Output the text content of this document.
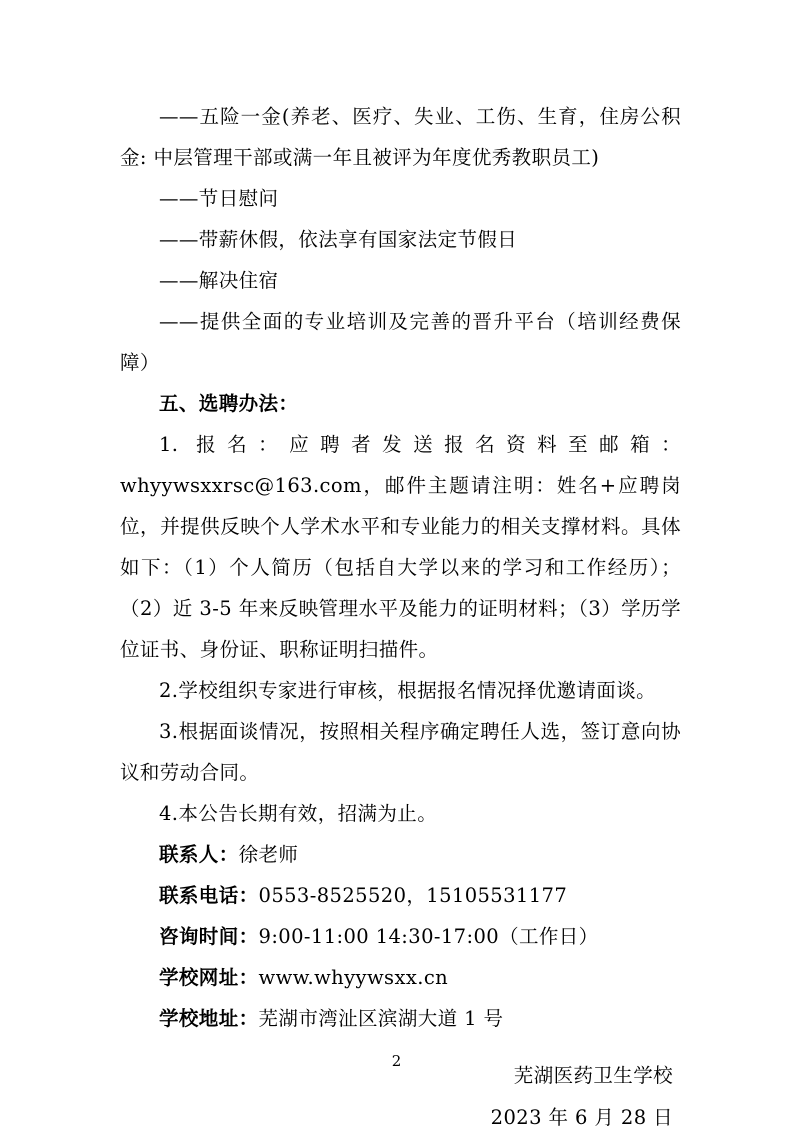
——五险一金(养老、医疗、失业、工伤、生育，住房公积金: 中层管理干部或满一年且被评为年度优秀教职员工)

——节日慰问

——带薪休假，依法享有国家法定节假日

——解决住宿

——提供全面的专业培训及完善的晋升平台（培训经费保障）

五、选聘办法：

1. 报名：应聘者发送报名资料至邮箱：whyywsxxrsc@163.com，邮件主题请注明：姓名+应聘岗位，并提供反映个人学术水平和专业能力的相关支撑材料。具体如下：（1）个人简历（包括自大学以来的学习和工作经历）；（2）近 3-5 年来反映管理水平及能力的证明材料；（3）学历学位证书、身份证、职称证明扫描件。

2.学校组织专家进行审核，根据报名情况择优邀请面谈。

3.根据面谈情况，按照相关程序确定聘任人选，签订意向协议和劳动合同。

4.本公告长期有效，招满为止。

联系人：徐老师

联系电话：0553-8525520，15105531177

咨询时间：9:00-11:00 14:30-17:00（工作日）

学校网址：www.whyywsxx.cn

学校地址：芜湖市湾沚区滨湖大道 1 号

芜湖医药卫生学校
2023 年 6 月 28 日
2
